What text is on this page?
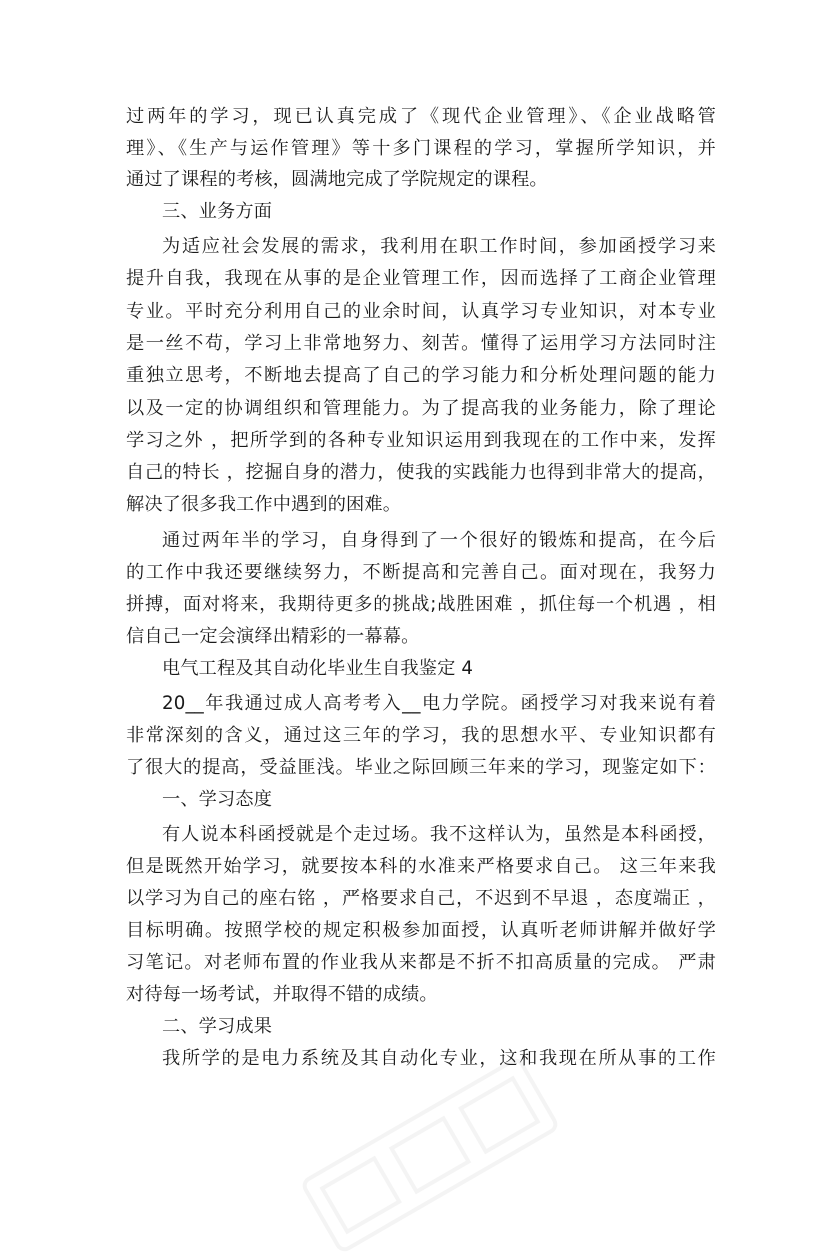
过两年的学习，现已认真完成了《现代企业管理》、《企业战略管
理》、《生产与运作管理》等十多门课程的学习，掌握所学知识，并
通过了课程的考核，圆满地完成了学院规定的课程。
三、业务方面
为适应社会发展的需求，我利用在职工作时间，参加函授学习来
提升自我，我现在从事的是企业管理工作，因而选择了工商企业管理
专业。平时充分利用自己的业余时间，认真学习专业知识，对本专业
是一丝不苟，学习上非常地努力、刻苦。懂得了运用学习方法同时注
重独立思考，不断地去提高了自己的学习能力和分析处理问题的能力
以及一定的协调组织和管理能力。为了提高我的业务能力，除了理论
学习之外 ，把所学到的各种专业知识运用到我现在的工作中来，发挥
自己的特长 ，挖掘自身的潜力，使我的实践能力也得到非常大的提高，
解决了很多我工作中遇到的困难。
通过两年半的学习，自身得到了一个很好的锻炼和提高，在今后
的工作中我还要继续努力，不断提高和完善自己。面对现在，我努力
拼搏，面对将来，我期待更多的挑战;战胜困难 ，抓住每一个机遇 ，相
信自己一定会演绎出精彩的一幕幕。
电气工程及其自动化毕业生自我鉴定 4
20__年我通过成人高考考入__电力学院。函授学习对我来说有着
非常深刻的含义，通过这三年的学习，我的思想水平、专业知识都有
了很大的提高，受益匪浅。毕业之际回顾三年来的学习，现鉴定如下：
一、学习态度
有人说本科函授就是个走过场。我不这样认为，虽然是本科函授，
但是既然开始学习，就要按本科的水准来严格要求自己。 这三年来我
以学习为自己的座右铭 ，严格要求自己，不迟到不早退 ，态度端正 ，
目标明确。按照学校的规定积极参加面授，认真听老师讲解并做好学
习笔记。对老师布置的作业我从来都是不折不扣高质量的完成。 严肃
对待每一场考试，并取得不错的成绩。
二、学习成果
我所学的是电力系统及其自动化专业，这和我现在所从事的工作
